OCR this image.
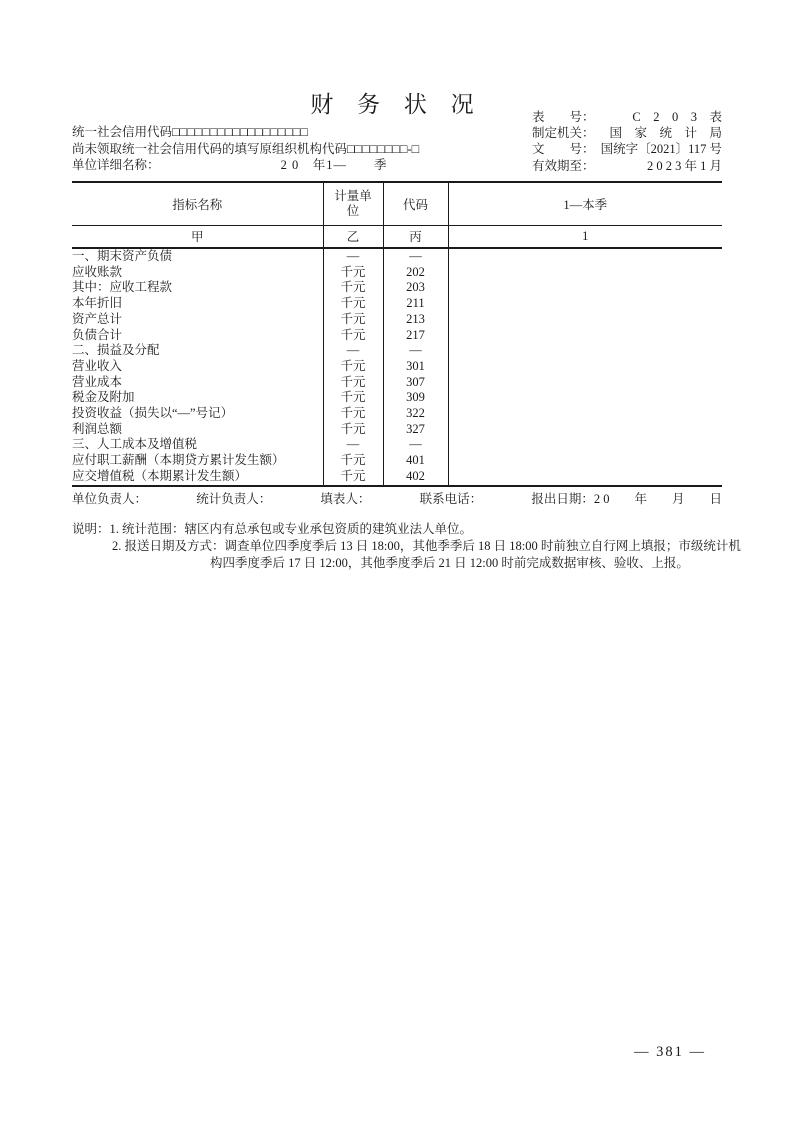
财 务 状 况
统一社会信用代码□□□□□□□□□□□□□□□□□□
尚未领取统一社会信用代码的填写原组织机构代码□□□□□□□□-□
单位详细名称：	2 0　年1—　　季
表　　号：	C　2　0　3　表
制定机关： 国　家　统　计　局
文　　号： 国统字〔2021〕117 号
有效期至：	2 0 2 3 年 1 月
指标名称	计量单位	代码	1—本季
甲	乙	丙	1
一、期末资产负债	—	—	
应收账款	千元	202	
其中：应收工程款	千元	203	
本年折旧	千元	211	
资产总计	千元	213	
负债合计	千元	217	
二、损益及分配	—	—	
营业收入	千元	301	
营业成本	千元	307	
税金及附加	千元	309	
投资收益（损失以“—”号记）	千元	322	
利润总额	千元	327	
三、人工成本及增值税	—	—	
应付职工薪酬（本期贷方累计发生额）	千元	401	
应交增值税（本期累计发生额）	千元	402	
单位负责人：	统计负责人：	填表人：	联系电话：	报出日期：2 0　　年　　月　　日
说明：1. 统计范围：辖区内有总承包或专业承包资质的建筑业法人单位。
2. 报送日期及方式：调查单位四季度季后 13 日 18:00，其他季季后 18 日 18:00 时前独立自行网上填报；市级统计机
构四季度季后 17 日 12:00，其他季度季后 21 日 12:00 时前完成数据审核、验收、上报。
— 381 —
